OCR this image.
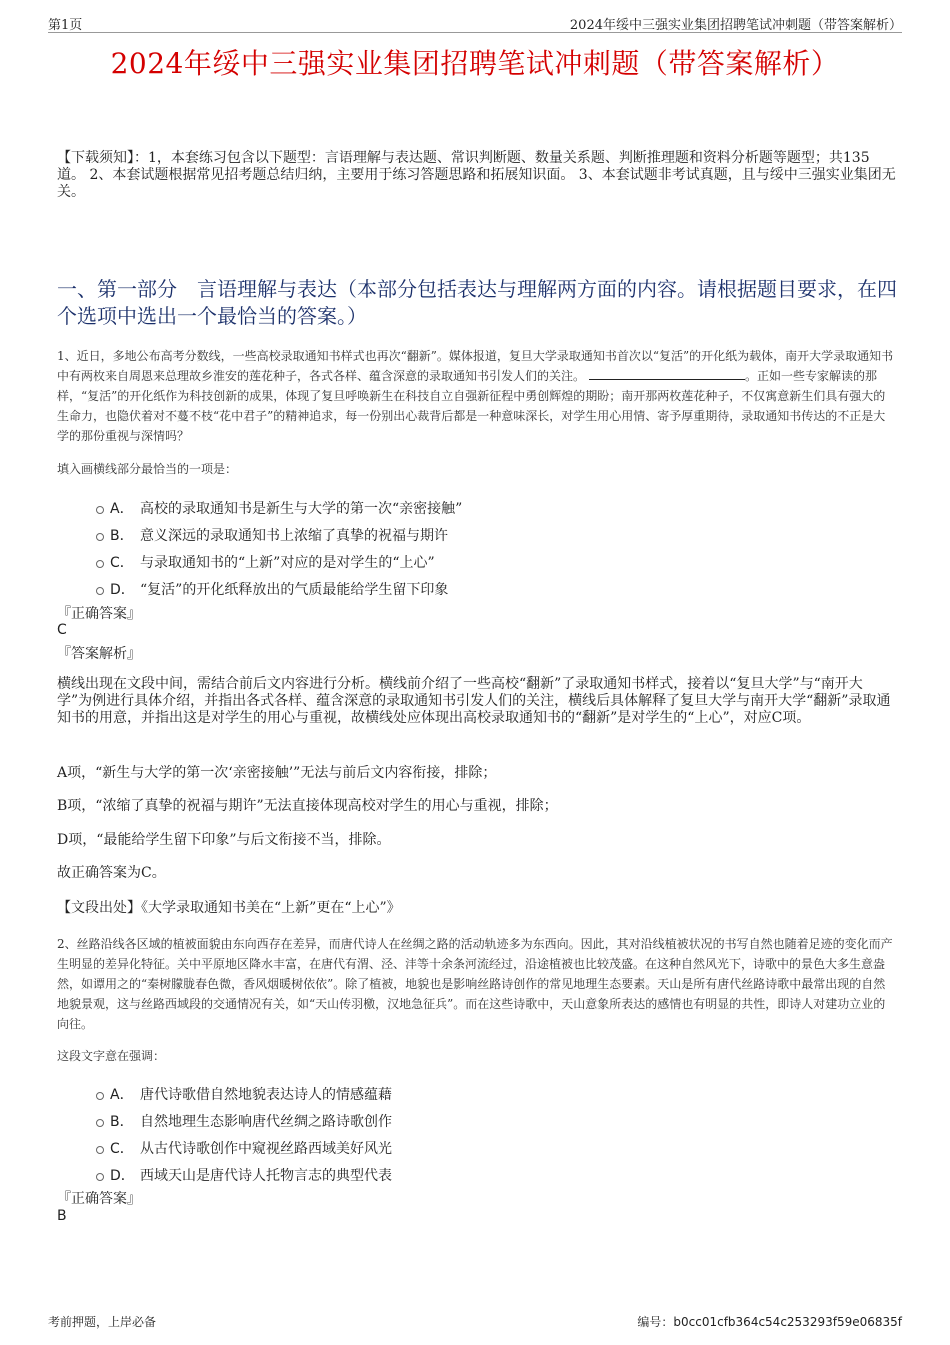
第1页	2024年绥中三强实业集团招聘笔试冲刺题（带答案解析）
2024年绥中三强实业集团招聘笔试冲刺题（带答案解析）
【下载须知】：1，本套练习包含以下题型：言语理解与表达题、常识判断题、数量关系题、判断推理题和资料分析题等题型；共135道。 2、本套试题根据常见招考题总结归纳，主要用于练习答题思路和拓展知识面。 3、本套试题非考试真题，且与绥中三强实业集团无关。
一、第一部分　言语理解与表达（本部分包括表达与理解两方面的内容。请根据题目要求，在四个选项中选出一个最恰当的答案。）
1、近日，多地公布高考分数线，一些高校录取通知书样式也再次“翻新”。媒体报道，复旦大学录取通知书首次以“复活”的开化纸为载体，南开大学录取通知书中有两枚来自周恩来总理故乡淮安的莲花种子，各式各样、蕴含深意的录取通知书引发人们的关注。	。正如一些专家解读的那样，“复活”的开化纸作为科技创新的成果，体现了复旦呼唤新生在科技自立自强新征程中勇创辉煌的期盼；南开那两枚莲花种子，不仅寓意新生们具有强大的生命力，也隐伏着对不蔓不枝“花中君子”的精神追求，每一份别出心裁背后都是一种意味深长，对学生用心用情、寄予厚重期待，录取通知书传达的不正是大学的那份重视与深情吗？
填入画横线部分最恰当的一项是：
A． 高校的录取通知书是新生与大学的第一次“亲密接触”
B． 意义深远的录取通知书上浓缩了真挚的祝福与期许
C． 与录取通知书的“上新”对应的是对学生的“上心”
D． “复活”的开化纸释放出的气质最能给学生留下印象
『正确答案』
C
『答案解析』
横线出现在文段中间，需结合前后文内容进行分析。横线前介绍了一些高校“翻新”了录取通知书样式，接着以“复旦大学”与“南开大学”为例进行具体介绍，并指出各式各样、蕴含深意的录取通知书引发人们的关注，横线后具体解释了复旦大学与南开大学“翻新”录取通知书的用意，并指出这是对学生的用心与重视，故横线处应体现出高校录取通知书的“翻新”是对学生的“上心”，对应C项。
A项，“新生与大学的第一次‘亲密接触’”无法与前后文内容衔接，排除；
B项，“浓缩了真挚的祝福与期许”无法直接体现高校对学生的用心与重视，排除；
D项，“最能给学生留下印象”与后文衔接不当，排除。
故正确答案为C。
【文段出处】《大学录取通知书美在“上新”更在“上心”》
2、丝路沿线各区域的植被面貌由东向西存在差异，而唐代诗人在丝绸之路的活动轨迹多为东西向。因此，其对沿线植被状况的书写自然也随着足迹的变化而产生明显的差异化特征。关中平原地区降水丰富，在唐代有渭、泾、沣等十余条河流经过，沿途植被也比较茂盛。在这种自然风光下，诗歌中的景色大多生意盎然，如谭用之的“秦树朦胧春色微，香风烟暖树依依”。除了植被，地貌也是影响丝路诗创作的常见地理生态要素。天山是所有唐代丝路诗歌中最常出现的自然地貌景观，这与丝路西域段的交通情况有关，如“天山传羽檄，汉地急征兵”。而在这些诗歌中，天山意象所表达的感情也有明显的共性，即诗人对建功立业的向往。
这段文字意在强调：
A． 唐代诗歌借自然地貌表达诗人的情感蕴藉
B． 自然地理生态影响唐代丝绸之路诗歌创作
C． 从古代诗歌创作中窥视丝路西域美好风光
D． 西域天山是唐代诗人托物言志的典型代表
『正确答案』
B
考前押题，上岸必备	编号：b0cc01cfb364c54c253293f59e06835f
